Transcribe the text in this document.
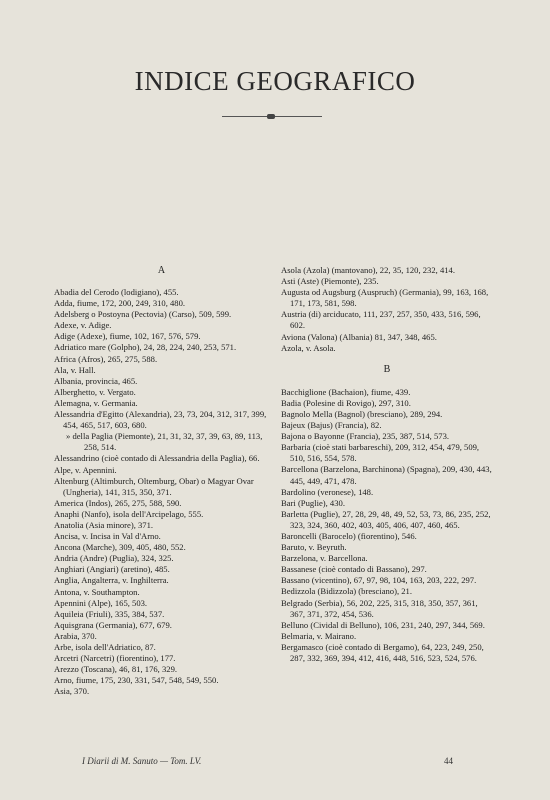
INDICE GEOGRAFICO
A
Abadia del Cerodo (lodigiano), 455.
Adda, fiume, 172, 200, 249, 310, 480.
Adelsberg o Postoyna (Pectovia) (Carso), 509, 599.
Adexe, v. Adige.
Adige (Adexe), fiume, 102, 167, 576, 579.
Adriatico mare (Golpho), 24, 28, 224, 240, 253, 571.
Africa (Afros), 265, 275, 588.
Ala, v. Hall.
Albania, provincia, 465.
Alberghetto, v. Vergato.
Alemagna, v. Germania.
Alessandria d'Egitto (Alexandria), 23, 73, 204, 312, 317, 399, 454, 465, 517, 603, 680.
» della Paglia (Piemonte), 21, 31, 32, 37, 39, 63, 89, 113, 258, 514.
Alessandrino (cioè contado di Alessandria della Paglia), 66.
Alpe, v. Apennini.
Altenburg (Altimburch, Oltemburg, Obar) o Magyar Ovar (Ungheria), 141, 315, 350, 371.
America (Indos), 265, 275, 588, 590.
Anaphi (Nanfo), isola dell'Arcipelago, 555.
Anatolia (Asia minore), 371.
Ancisa, v. Incisa in Val d'Arno.
Ancona (Marche), 309, 405, 480, 552.
Andria (Andre) (Puglia), 324, 325.
Anghiari (Angiari) (aretino), 485.
Anglia, Angalterra, v. Inghilterra.
Antona, v. Southampton.
Apennini (Alpe), 165, 503.
Aquileia (Friuli), 335, 384, 537.
Aquisgrana (Germania), 677, 679.
Arabia, 370.
Arbe, isola dell'Adriatico, 87.
Arcetri (Narcetri) (fiorentino), 177.
Arezzo (Toscana), 46, 81, 176, 329.
Arno, fiume, 175, 230, 331, 547, 548, 549, 550.
Asia, 370.
Asola (Azola) (mantovano), 22, 35, 120, 232, 414.
Asti (Aste) (Piemonte), 235.
Augusta od Augsburg (Auspruch) (Germania), 99, 163, 168, 171, 173, 581, 598.
Austria (di) arciducato, 111, 237, 257, 350, 433, 516, 596, 602.
Aviona (Valona) (Albania) 81, 347, 348, 465.
Azola, v. Asola.
B
Bacchiglione (Bachaion), fiume, 439.
Badia (Polesine di Rovigo), 297, 310.
Bagnolo Mella (Bagnol) (bresciano), 289, 294.
Bajeux (Bajus) (Francia), 82.
Bajona o Bayonne (Francia), 235, 387, 514, 573.
Barbaria (cioè stati barbareschi), 209, 312, 454, 479, 509, 510, 516, 554, 578.
Barcellona (Barzelona, Barchinona) (Spagna), 209, 430, 443, 445, 449, 471, 478.
Bardolino (veronese), 148.
Bari (Puglie), 430.
Barletta (Puglie), 27, 28, 29, 48, 49, 52, 53, 73, 86, 235, 252, 323, 324, 360, 402, 403, 405, 406, 407, 460, 465.
Baroncelli (Barocelo) (fiorentino), 546.
Baruto, v. Beyruth.
Barzelona, v. Barcellona.
Bassanese (cioè contado di Bassano), 297.
Bassano (vicentino), 67, 97, 98, 104, 163, 203, 222, 297.
Bedizzola (Bidizzola) (bresciano), 21.
Belgrado (Serbia), 56, 202, 225, 315, 318, 350, 357, 361, 367, 371, 372, 454, 536.
Belluno (Cividal di Belluno), 106, 231, 240, 297, 344, 569.
Belmaria, v. Mairano.
Bergamasco (cioè contado di Bergamo), 64, 223, 249, 250, 287, 332, 369, 394, 412, 416, 448, 516, 523, 524, 576.
I Diarii di M. Sanuto — Tom. LV.	44
